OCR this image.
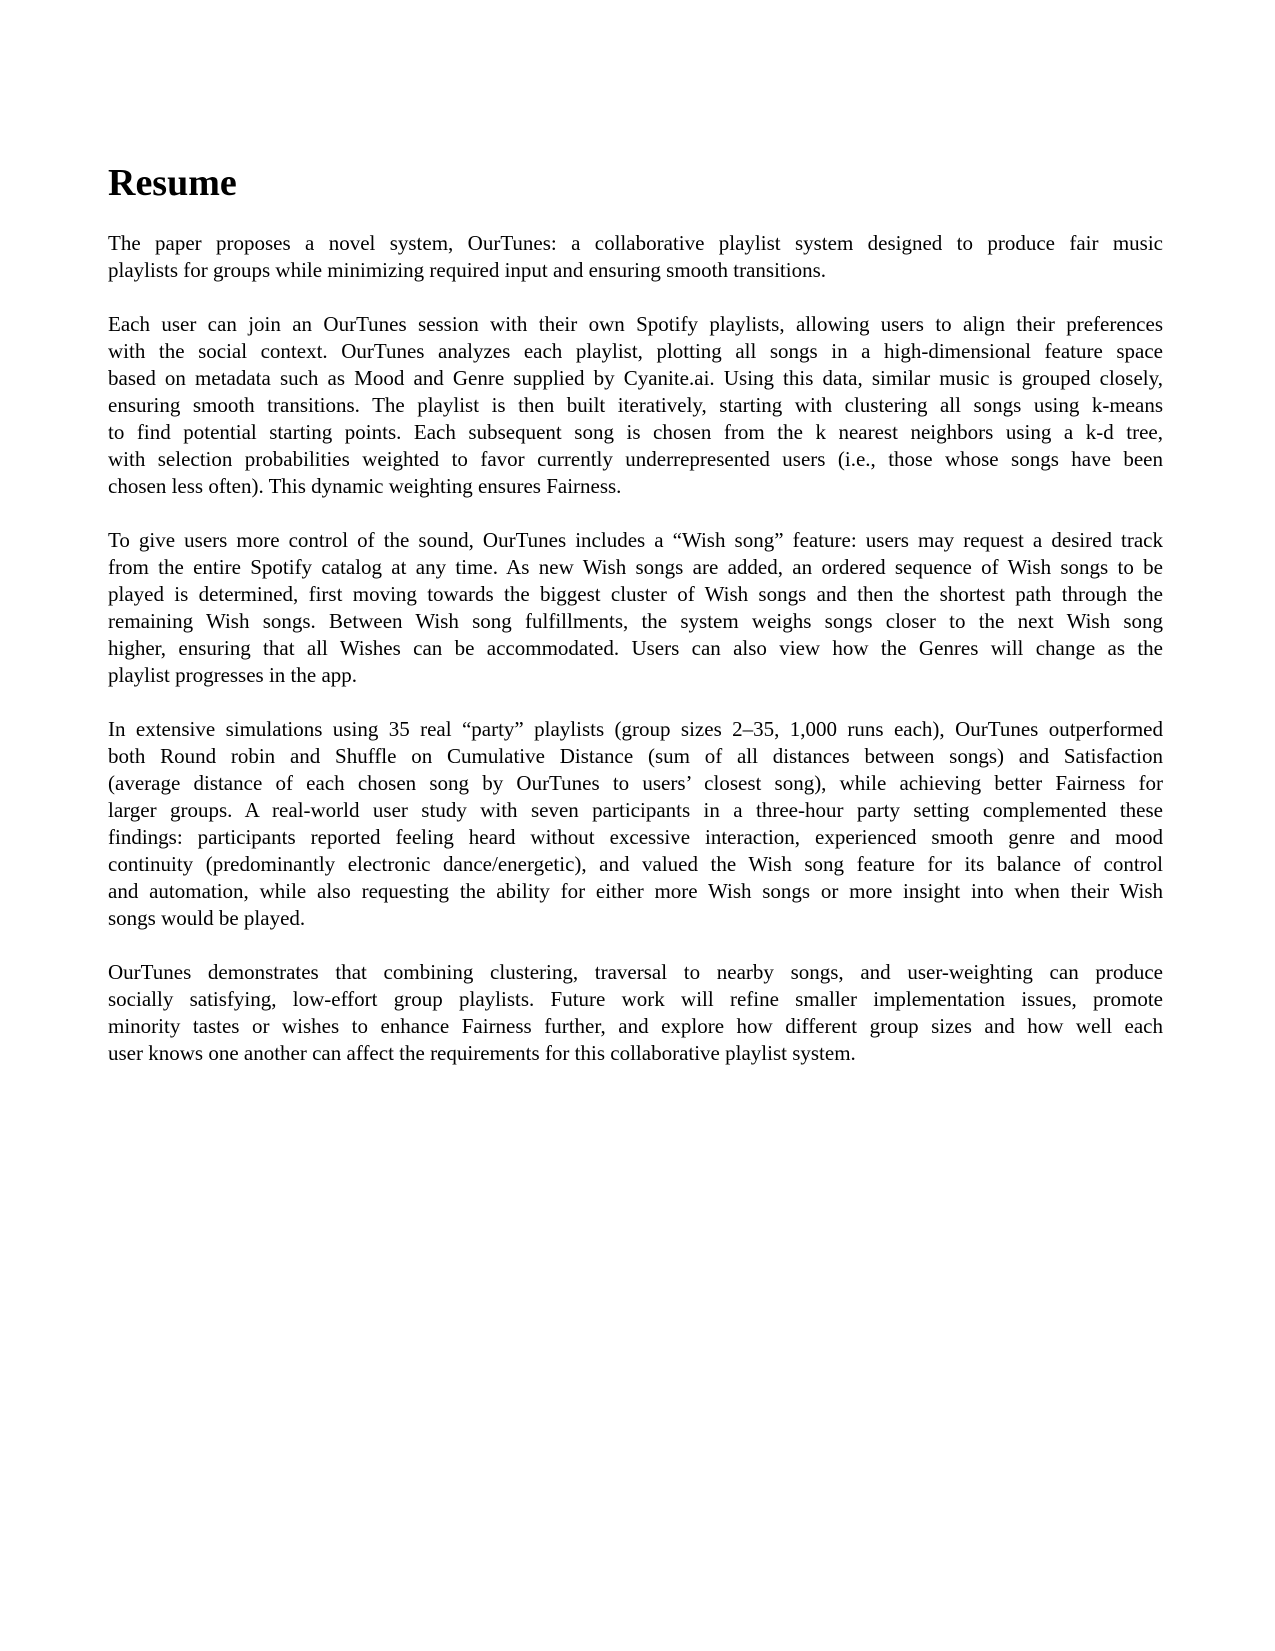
Resume

The paper proposes a novel system, OurTunes: a collaborative playlist system designed to produce fair music
playlists for groups while minimizing required input and ensuring smooth transitions.

Each user can join an OurTunes session with their own Spotify playlists, allowing users to align their preferences
with the social context. OurTunes analyzes each playlist, plotting all songs in a high-dimensional feature space
based on metadata such as Mood and Genre supplied by Cyanite.ai. Using this data, similar music is grouped closely,
ensuring smooth transitions. The playlist is then built iteratively, starting with clustering all songs using k-means
to find potential starting points. Each subsequent song is chosen from the k nearest neighbors using a k-d tree,
with selection probabilities weighted to favor currently underrepresented users (i.e., those whose songs have been
chosen less often). This dynamic weighting ensures Fairness.

To give users more control of the sound, OurTunes includes a “Wish song” feature: users may request a desired track
from the entire Spotify catalog at any time. As new Wish songs are added, an ordered sequence of Wish songs to be
played is determined, first moving towards the biggest cluster of Wish songs and then the shortest path through the
remaining Wish songs. Between Wish song fulfillments, the system weighs songs closer to the next Wish song
higher, ensuring that all Wishes can be accommodated. Users can also view how the Genres will change as the
playlist progresses in the app.

In extensive simulations using 35 real “party” playlists (group sizes 2–35, 1,000 runs each), OurTunes outperformed
both Round robin and Shuffle on Cumulative Distance (sum of all distances between songs) and Satisfaction
(average distance of each chosen song by OurTunes to users’ closest song), while achieving better Fairness for
larger groups. A real-world user study with seven participants in a three-hour party setting complemented these
findings: participants reported feeling heard without excessive interaction, experienced smooth genre and mood
continuity (predominantly electronic dance/energetic), and valued the Wish song feature for its balance of control
and automation, while also requesting the ability for either more Wish songs or more insight into when their Wish
songs would be played.

OurTunes demonstrates that combining clustering, traversal to nearby songs, and user-weighting can produce
socially satisfying, low-effort group playlists. Future work will refine smaller implementation issues, promote
minority tastes or wishes to enhance Fairness further, and explore how different group sizes and how well each
user knows one another can affect the requirements for this collaborative playlist system.
